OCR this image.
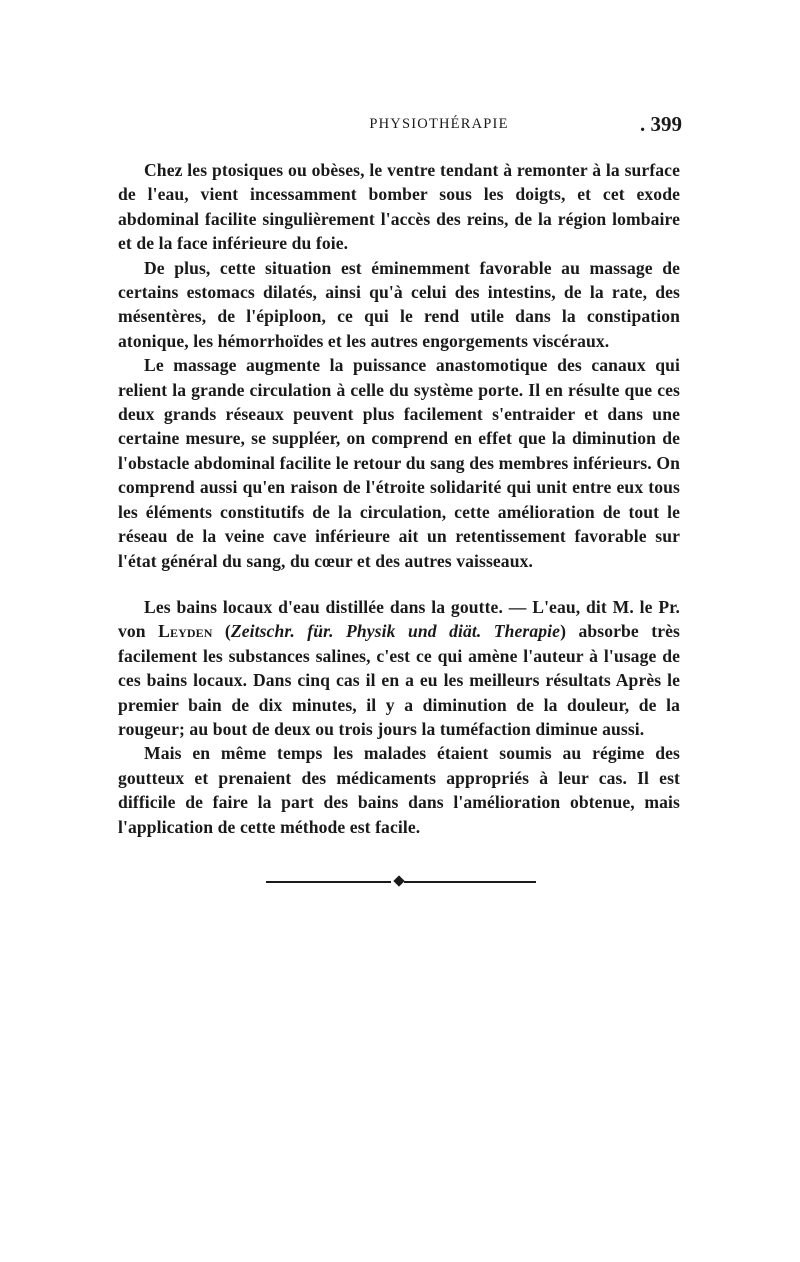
PHYSIOTHÉRAPIE	. 399

Chez les ptosiques ou obèses, le ventre tendant à remonter à la surface de l'eau, vient incessamment bomber sous les doigts, et cet exode abdominal facilite singulièrement l'accès des reins, de la région lombaire et de la face inférieure du foie.

De plus, cette situation est éminemment favorable au massage de certains estomacs dilatés, ainsi qu'à celui des intestins, de la rate, des mésentères, de l'épiploon, ce qui le rend utile dans la constipation atonique, les hémorrhoïdes et les autres engorgements viscéraux.

Le massage augmente la puissance anastomotique des canaux qui relient la grande circulation à celle du système porte. Il en résulte que ces deux grands réseaux peuvent plus facilement s'entraider et dans une certaine mesure, se suppléer, on comprend en effet que la diminution de l'obstacle abdominal facilite le retour du sang des membres inférieurs. On comprend aussi qu'en raison de l'étroite solidarité qui unit entre eux tous les éléments constitutifs de la circulation, cette amélioration de tout le réseau de la veine cave inférieure ait un retentissement favorable sur l'état général du sang, du cœur et des autres vaisseaux.

Les bains locaux d'eau distillée dans la goutte. — L'eau, dit M. le Pr. von Leyden (Zeitschr. für. Physik und diät. Therapie) absorbe très facilement les substances salines, c'est ce qui amène l'auteur à l'usage de ces bains locaux. Dans cinq cas il en a eu les meilleurs résultats Après le premier bain de dix minutes, il y a diminution de la douleur, de la rougeur; au bout de deux ou trois jours la tuméfaction diminue aussi.

Mais en même temps les malades étaient soumis au régime des goutteux et prenaient des médicaments appropriés à leur cas. Il est difficile de faire la part des bains dans l'amélioration obtenue, mais l'application de cette méthode est facile.
